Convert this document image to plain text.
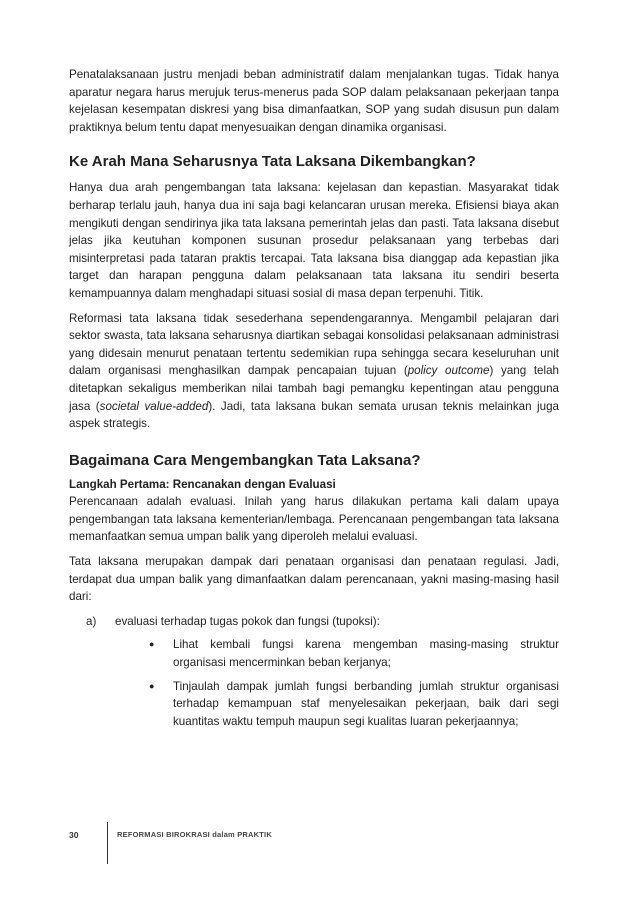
Penatalaksanaan justru menjadi beban administratif dalam menjalankan tugas. Tidak hanya aparatur negara harus merujuk terus-menerus pada SOP dalam pelaksanaan pekerjaan tanpa kejelasan kesempatan diskresi yang bisa dimanfaatkan, SOP yang sudah disusun pun dalam praktiknya belum tentu dapat menyesuaikan dengan dinamika organisasi.

Ke Arah Mana Seharusnya Tata Laksana Dikembangkan?

Hanya dua arah pengembangan tata laksana: kejelasan dan kepastian. Masyarakat tidak berharap terlalu jauh, hanya dua ini saja bagi kelancaran urusan mereka. Efisiensi biaya akan mengikuti dengan sendirinya jika tata laksana pemerintah jelas dan pasti. Tata laksana disebut jelas jika keutuhan komponen susunan prosedur pelaksanaan yang terbebas dari misinterpretasi pada tataran praktis tercapai. Tata laksana bisa dianggap ada kepastian jika target dan harapan pengguna dalam pelaksanaan tata laksana itu sendiri beserta kemampuannya dalam menghadapi situasi sosial di masa depan terpenuhi. Titik.

Reformasi tata laksana tidak sesederhana sependengarannya. Mengambil pelajaran dari sektor swasta, tata laksana seharusnya diartikan sebagai konsolidasi pelaksanaan administrasi yang didesain menurut penataan tertentu sedemikian rupa sehingga secara keseluruhan unit dalam organisasi menghasilkan dampak pencapaian tujuan (policy outcome) yang telah ditetapkan sekaligus memberikan nilai tambah bagi pemangku kepentingan atau pengguna jasa (societal value-added). Jadi, tata laksana bukan semata urusan teknis melainkan juga aspek strategis.

Bagaimana Cara Mengembangkan Tata Laksana?
Langkah Pertama: Rencanakan dengan Evaluasi

Perencanaan adalah evaluasi. Inilah yang harus dilakukan pertama kali dalam upaya pengembangan tata laksana kementerian/lembaga. Perencanaan pengembangan tata laksana memanfaatkan semua umpan balik yang diperoleh melalui evaluasi.

Tata laksana merupakan dampak dari penataan organisasi dan penataan regulasi. Jadi, terdapat dua umpan balik yang dimanfaatkan dalam perencanaan, yakni masing-masing hasil dari:

a)	evaluasi terhadap tugas pokok dan fungsi (tupoksi):
●	Lihat kembali fungsi karena mengemban masing-masing struktur organisasi mencerminkan beban kerjanya;
●	Tinjaulah dampak jumlah fungsi berbanding jumlah struktur organisasi terhadap kemampuan staf menyelesaikan pekerjaan, baik dari segi kuantitas waktu tempuh maupun segi kualitas luaran pekerjaannya;
30	REFORMASI BIROKRASI dalam PRAKTIK
